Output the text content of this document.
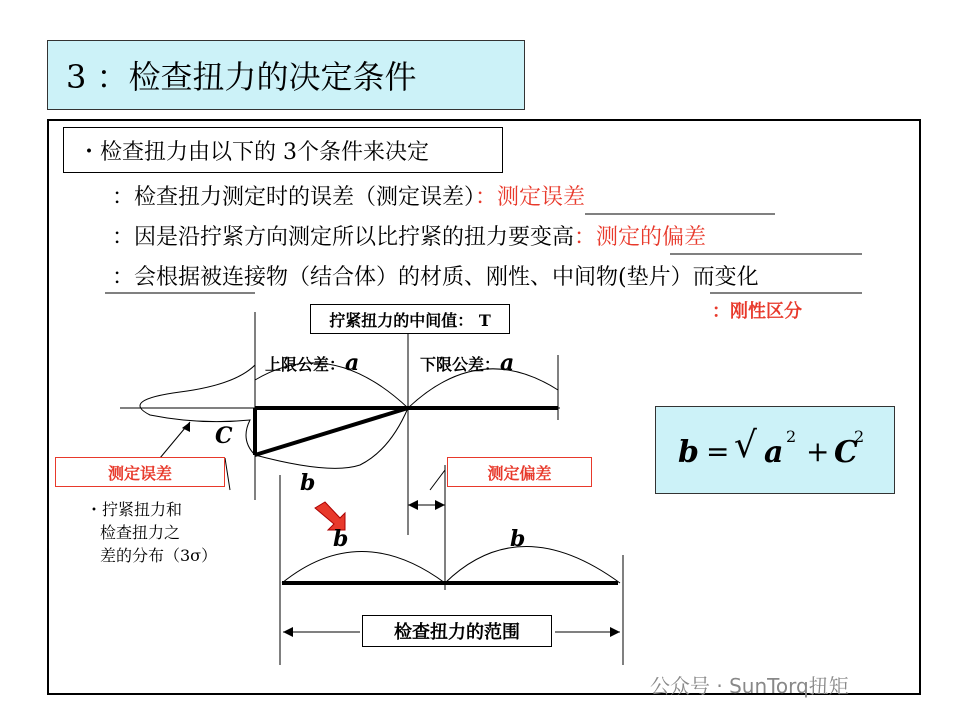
3 ：检查扭力的决定条件
・检查扭力由以下的 3个条件来决定
：检查扭力测定时的误差（测定误差）：测定误差
：因是沿拧紧方向测定所以比拧紧的扭力要变高：测定的偏差
：会根据被连接物（结合体）的材质、刚性、中间物(垫片）而变化
：刚性区分
拧紧扭力的中间值： T
上限公差：a	下限公差：a
C
b
b	b
测定误差	测定偏差
・拧紧扭力和
检查扭力之
差的分布（3σ）
检查扭力的范围
b = √ a 2 + C
2
公众号 · SunTorq扭矩
